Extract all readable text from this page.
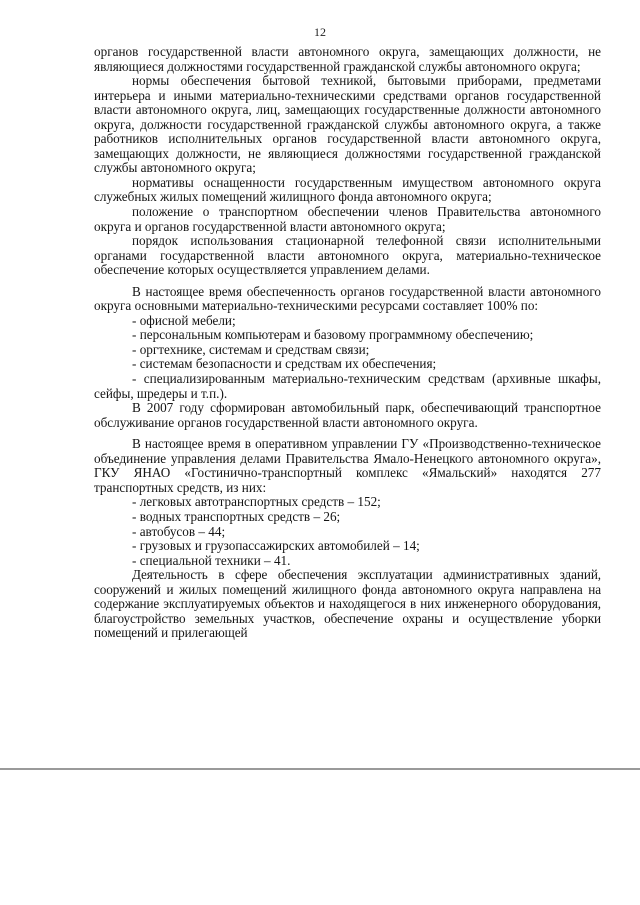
12

органов государственной власти автономного округа, замещающих должности, не являющиеся должностями государственной гражданской службы автономного округа;

нормы обеспечения бытовой техникой, бытовыми приборами, предметами интерьера и иными материально-техническими средствами органов государственной власти автономного округа, лиц, замещающих государственные должности автономного округа, должности государственной гражданской службы автономного округа, а также работников исполнительных органов государственной власти автономного округа, замещающих должности, не являющиеся должностями государственной гражданской службы автономного округа;

нормативы оснащенности государственным имуществом автономного округа служебных жилых помещений жилищного фонда автономного округа;

положение о транспортном обеспечении членов Правительства автономного округа и органов государственной власти автономного округа;

порядок использования стационарной телефонной связи исполнительными органами государственной власти автономного округа, материально-техническое обеспечение которых осуществляется управлением делами.

В настоящее время обеспеченность органов государственной власти автономного округа основными материально-техническими ресурсами составляет 100% по:

- офисной мебели;

- персональным компьютерам и базовому программному обеспечению;

- оргтехнике, системам и средствам связи;

- системам безопасности и средствам их обеспечения;

- специализированным материально-техническим средствам (архивные шкафы, сейфы, шредеры и т.п.).

В 2007 году сформирован автомобильный парк, обеспечивающий транспортное обслуживание органов государственной власти автономного округа.

В настоящее время в оперативном управлении ГУ «Производственно-техническое объединение управления делами Правительства Ямало-Ненецкого автономного округа», ГКУ ЯНАО «Гостинично-транспортный комплекс «Ямальский» находятся 277 транспортных средств, из них:

- легковых автотранспортных средств – 152;

- водных транспортных средств – 26;

- автобусов – 44;

- грузовых и грузопассажирских автомобилей – 14;

- специальной техники – 41.

Деятельность в сфере обеспечения эксплуатации административных зданий, сооружений и жилых помещений жилищного фонда автономного округа направлена на содержание эксплуатируемых объектов и находящегося в них инженерного оборудования, благоустройство земельных участков, обеспечение охраны и осуществление уборки помещений и прилегающей
